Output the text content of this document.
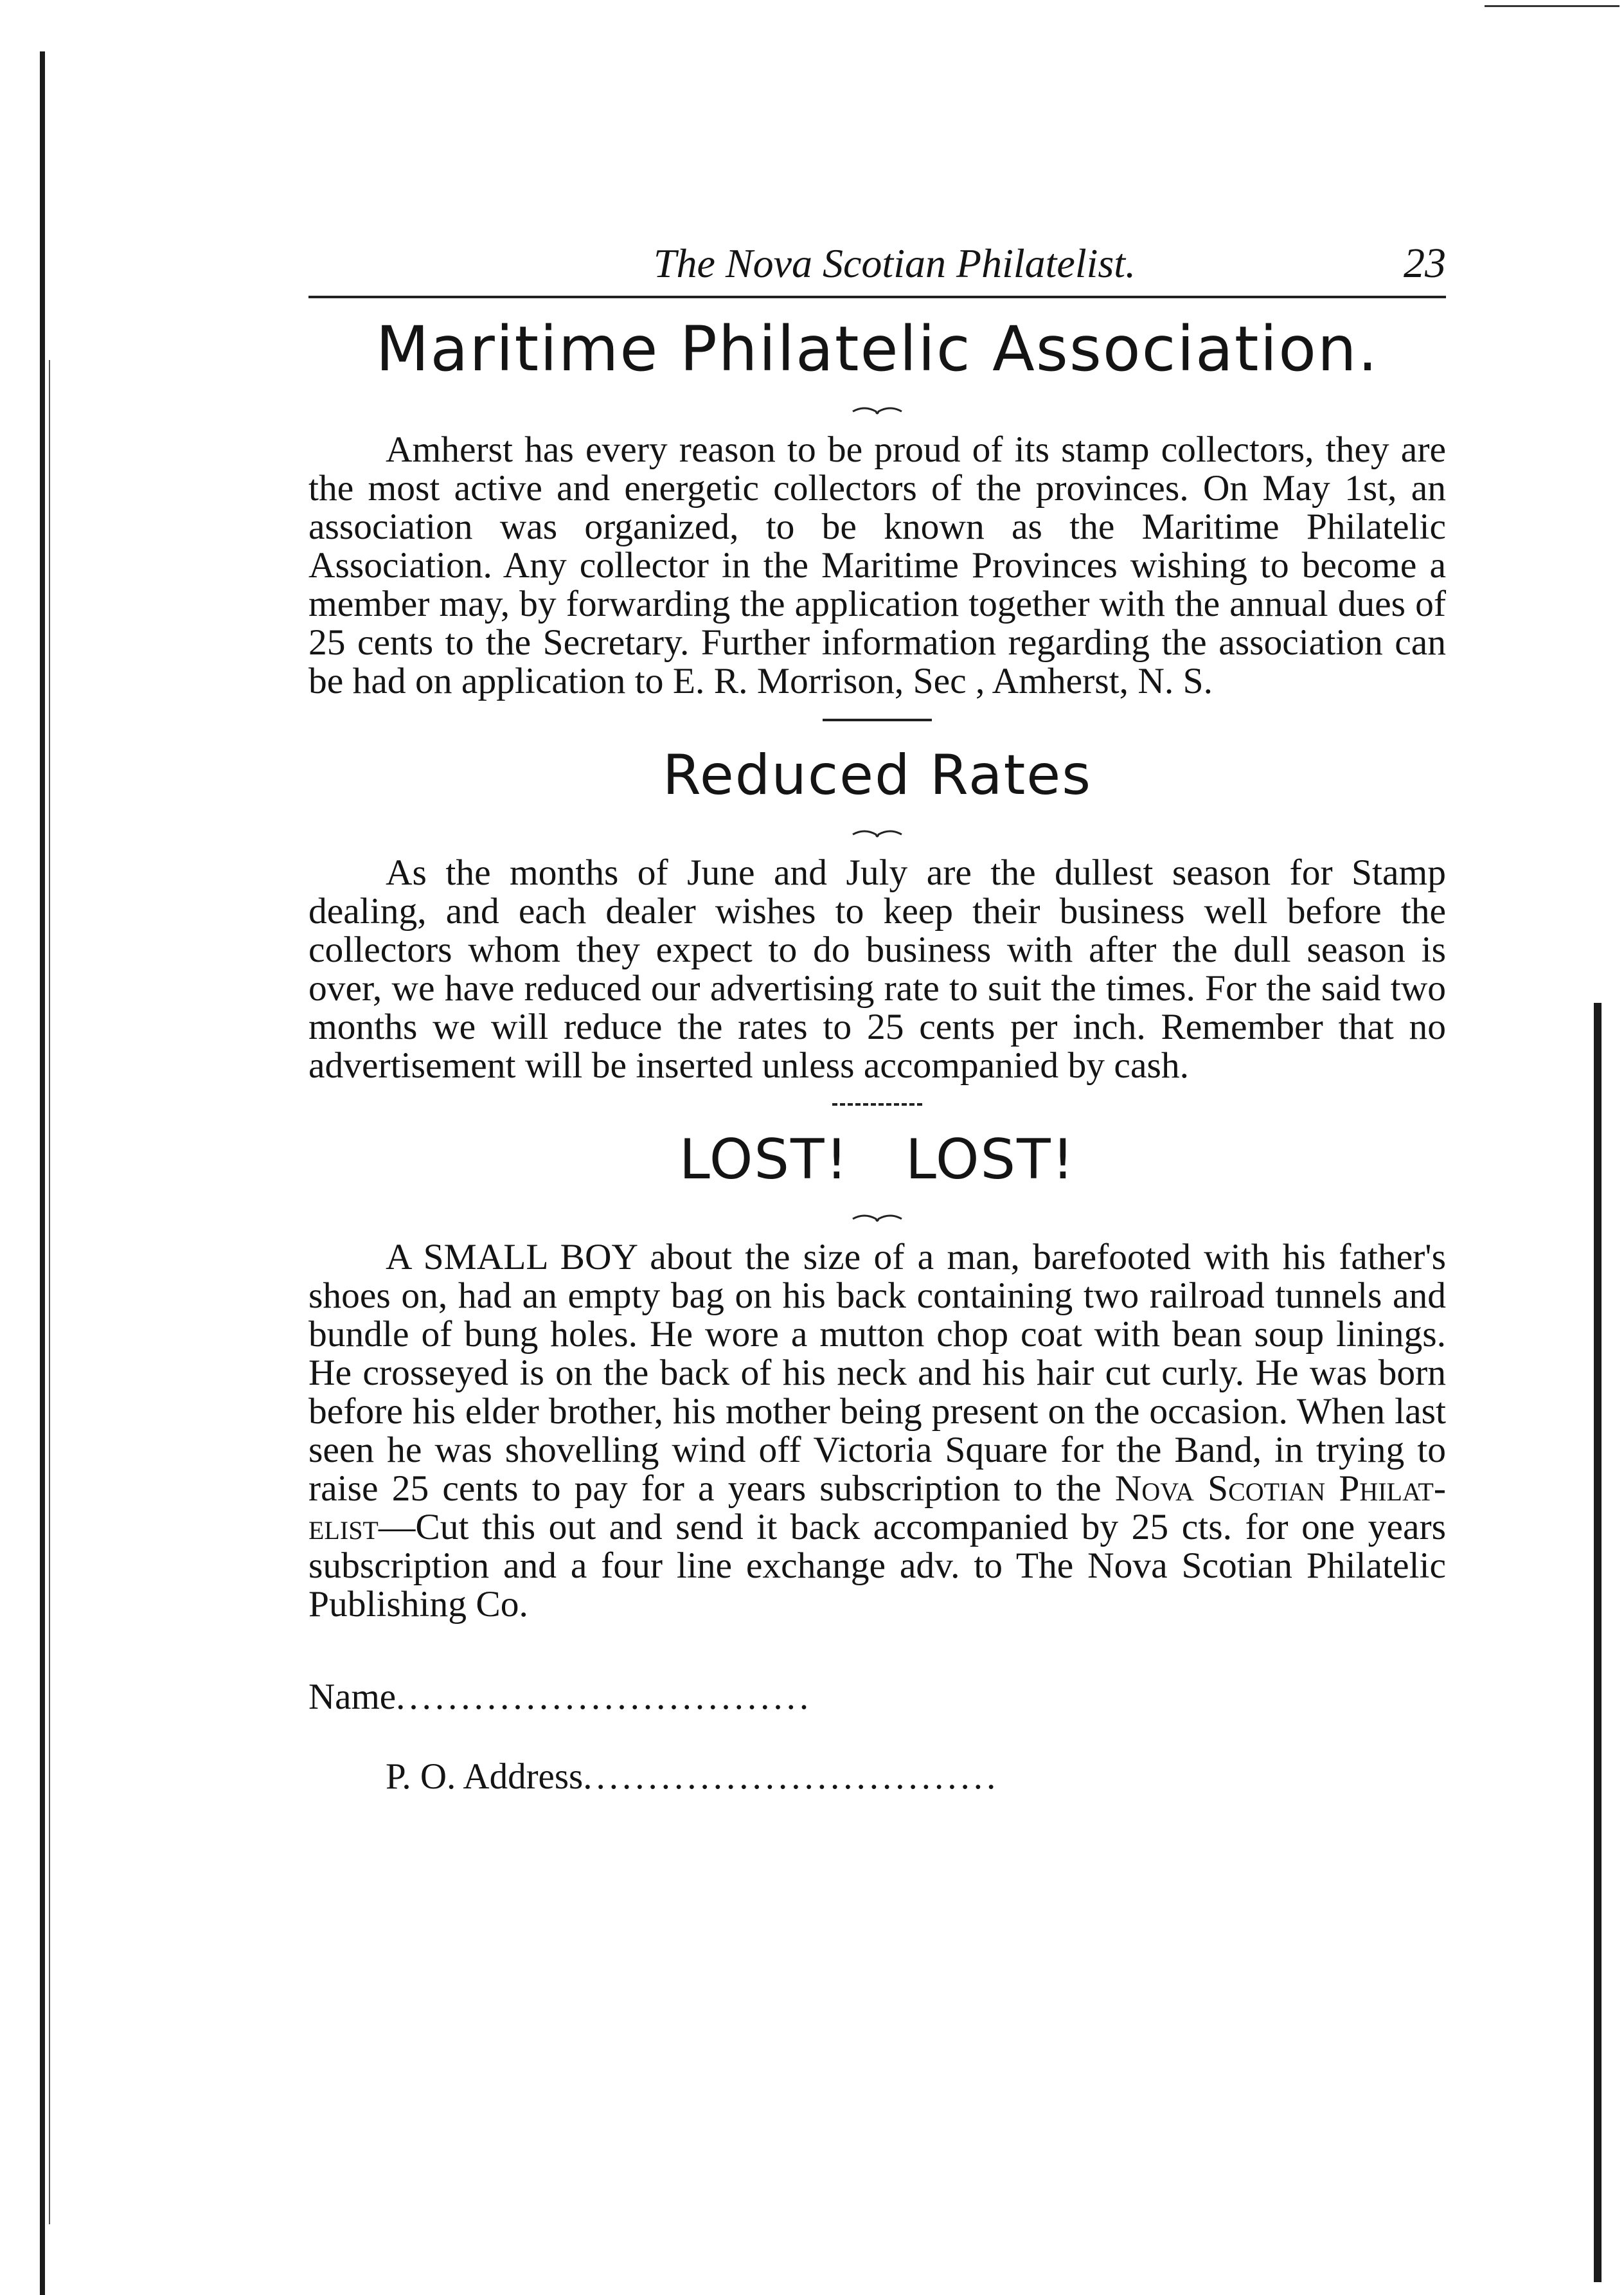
The Nova Scotian Philatelist.	23
Maritime Philatelic Association.

Amherst has every reason to be proud of its stamp collectors, they are the most active and energetic collectors of the provinces. On May 1st, an association was organized, to be known as the Maritime Philatelic Association. Any collector in the Maritime Provinces wishing to become a member may, by forwarding the application together with the annual dues of 25 cents to the Secretary. Further information regarding the association can be had on application to E. R. Morrison, Sec , Amherst, N. S.

Reduced Rates

As the months of June and July are the dullest season for Stamp dealing, and each dealer wishes to keep their business well before the collectors whom they expect to do business with after the dull season is over, we have reduced our advertising rate to suit the times. For the said two months we will reduce the rates to 25 cents per inch. Remember that no advertisement will be inserted unless accompanied by cash.

LOST!   LOST!

A SMALL BOY about the size of a man, barefooted with his father's shoes on, had an empty bag on his back containing two railroad tunnels and bundle of bung holes. He wore a mutton chop coat with bean soup linings. He crosseyed is on the back of his neck and his hair cut curly. He was born before his elder brother, his mother being present on the occasion. When last seen he was shovelling wind off Victoria Square for the Band, in trying to raise 25 cents to pay for a years subscription to the Nova Scotian Philatelist—Cut this out and send it back accompanied by 25 cts. for one years subscription and a four line exchange adv. to The Nova Scotian Philatelic Publishing Co.

Name................................

P. O. Address................................
